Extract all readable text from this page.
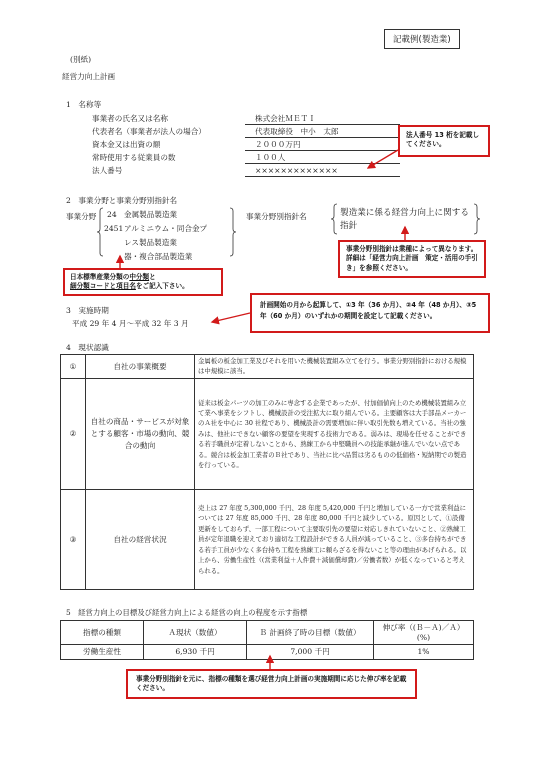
記載例(製造業)
(別紙)
経営力向上計画
1　名称等
事業者の氏名又は名称	株式会社ＭＥＴＩ
代表者名（事業者が法人の場合）	代表取締役　中小　太郎
資本金又は出資の額	２０００万円
常時使用する従業員の数	１００人
法人番号	×××××××××××××
法人番号 13 桁を記載してください。
2　事業分野と事業分野別指針名
事業分野 24 金属製品製造業
2451 アルミニウム・同合金プ
レス製品製造業
器・複合部品製造業
事業分野別指針名	製造業に係る経営力向上に関する指針
事業分野別指針は業種によって異なります。詳細は「経営力向上計画　策定・活用の手引き」を参照ください。
日本標準産業分類の中分類と
細分類コードと項目名をご記入下さい。
3　実施時期
平成 29 年 4 月～平成 32 年 3 月
計画開始の月から起算して、①3 年（36 か月）、②4 年（48 か月）、③5 年（60 か月）のいずれかの期間を設定して記載ください。
4　現状認識
①	自社の事業概要	金属板の板金加工業及びそれを用いた機械装置組み立てを行う。事業分野別指針における規模は中規模に該当。
②	自社の商品・サービスが対象とする顧客・市場の動向、競合の動向	従来は板金パーツの加工のみに専念する企業であったが、付加価値向上のため機械装置組み立て業へ事業をシフトし、機械設計の受注拡大に取り組んでいる。主要顧客は大手部品メーカーのＡ社を中心に 30 社程であり、機械設計の需要増加に伴い取引先数も増えている。当社の強みは、他社にできない顧客の要望を実現する技術力である。弱みは、現場を任せることができる若手職員が定着しないことから、熟練工から中堅職員への技能承継が進んでいない点である。競合は板金加工業者のＢ社であり、当社に比べ品質は劣るものの低価格・短納期での製造を行っている。
③	自社の経営状況	売上は 27 年度 5,300,000 千円、28 年度 5,420,000 千円と増加している一方で営業利益については 27 年度 85,000 千円、28 年度 80,000 千円と減少している。原因として、①設備更新をしておらず、一部工程について主要取引先の要望に対応しきれていないこと、②熟練工員が定年退職を迎えており適切な工程設計ができる人員が減っていること、③多台持ちができる若手工員が少なく多台持ち工程を熟練工に頼らざるを得ないこと等の理由があげられる。以上から、労働生産性（(営業利益＋人件費＋減価償却費)／労働者数）が低くなっていると考えられる。
5　経営力向上の目標及び経営力向上による経営の向上の程度を示す指標
指標の種類	Ａ現状（数値）	Ｂ 計画終了時の目標（数値）	伸び率（(Ｂ－Ａ)／Ａ）(%)
労働生産性	6,930 千円	7,000 千円	1%
事業分野別指針を元に、指標の種類を選び経営力向上計画の実施期間に応じた伸び率を記載ください。
